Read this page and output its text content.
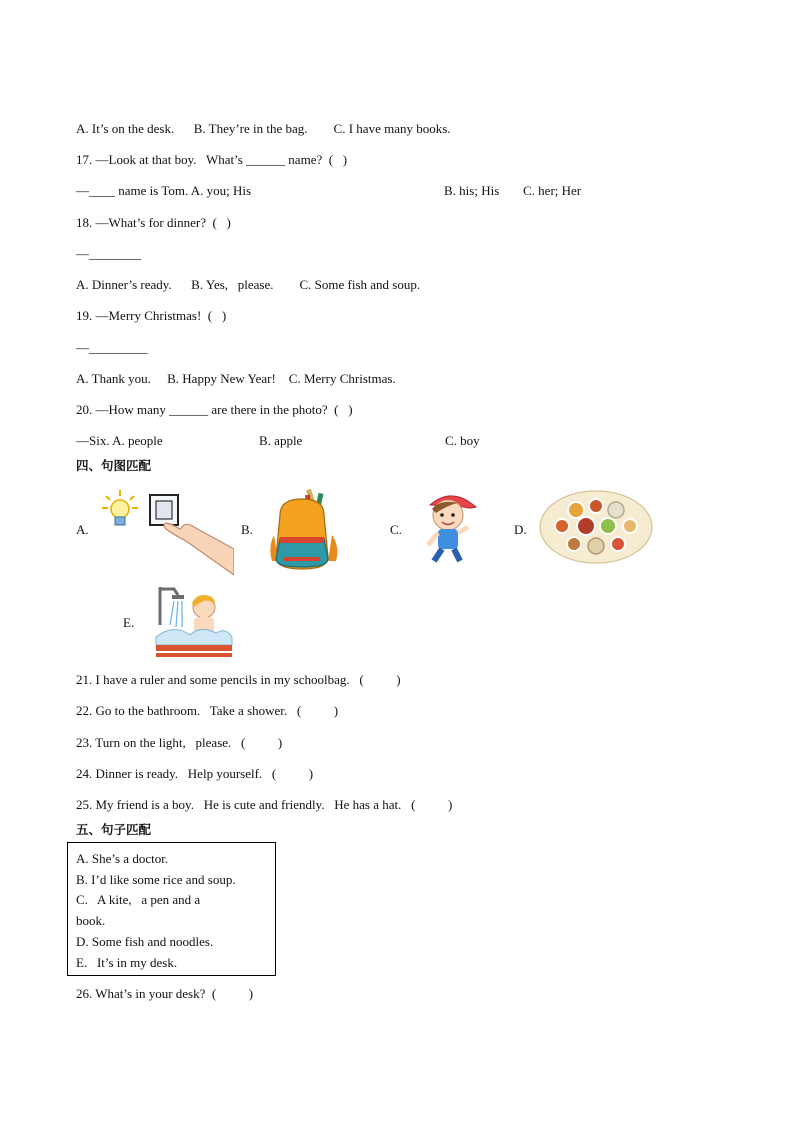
A. It’s on the desk.      B. They’re in the bag.        C. I have many books.
17. —Look at that boy.   What’s ______ name?  (   )
—____ name is Tom. A. you; His	B. his; His C. her; Her
18. —What’s for dinner?  (   )
—________
A. Dinner’s ready.      B. Yes,   please.        C. Some fish and soup.
19. —Merry Christmas!  (   )
—_________
A. Thank you.     B. Happy New Year!    C. Merry Christmas.
20. —How many ______ are there in the photo?  (   )
—Six. A. people	B. apple	C. boy
四、句图匹配
A.	B.	C.	D.
E.
21. I have a ruler and some pencils in my schoolbag.   (          )
22. Go to the bathroom.   Take a shower.   (          )
23. Turn on the light,   please.   (          )
24. Dinner is ready.   Help yourself.   (          )
25. My friend is a boy.   He is cute and friendly.   He has a hat.   (          )
五、句子匹配
A. She’s a doctor.
B. I’d like some rice and soup.
C.   A kite,   a pen and a
book.
D. Some fish and noodles.
E.   It’s in my desk.
26. What’s in your desk?  (          )
